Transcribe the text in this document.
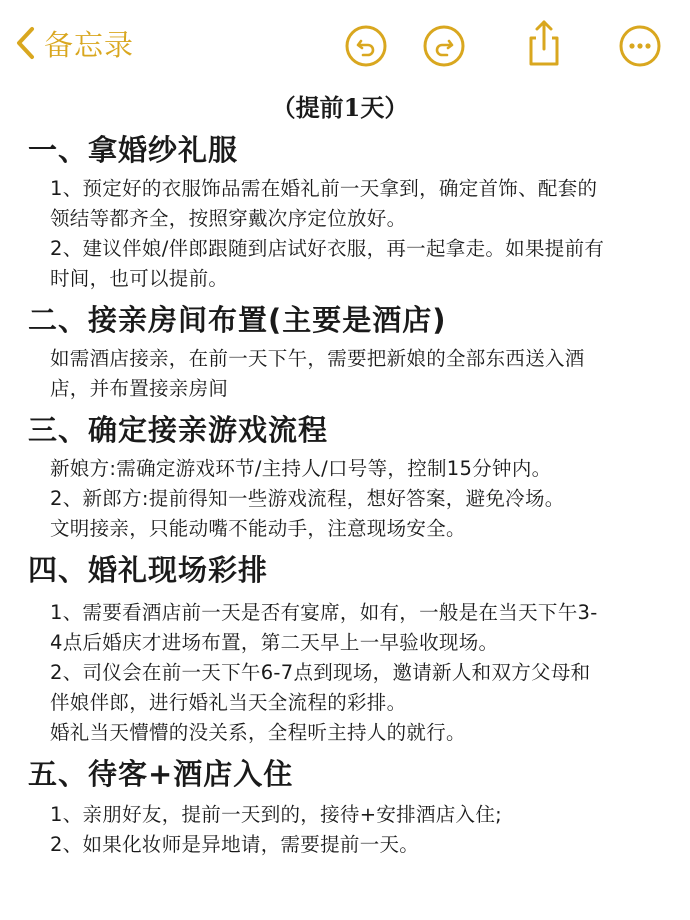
备忘录
（提前1天）
一、拿婚纱礼服
1、预定好的衣服饰品需在婚礼前一天拿到，确定首饰、配套的
领结等都齐全，按照穿戴次序定位放好。
2、建议伴娘/伴郎跟随到店试好衣服，再一起拿走。如果提前有
时间，也可以提前。
二、接亲房间布置(主要是酒店)
如需酒店接亲，在前一天下午，需要把新娘的全部东西送入酒
店，并布置接亲房间
三、确定接亲游戏流程
新娘方:需确定游戏环节/主持人/口号等，控制15分钟内。
2、新郎方:提前得知一些游戏流程，想好答案，避免冷场。
文明接亲，只能动嘴不能动手，注意现场安全。
四、婚礼现场彩排
1、需要看酒店前一天是否有宴席，如有，一般是在当天下午3-
4点后婚庆才进场布置，第二天早上一早验收现场。
2、司仪会在前一天下午6-7点到现场，邀请新人和双方父母和
伴娘伴郎，进行婚礼当天全流程的彩排。
婚礼当天懵懵的没关系，全程听主持人的就行。
五、待客+酒店入住
1、亲朋好友，提前一天到的，接待+安排酒店入住;
2、如果化妆师是异地请，需要提前一天。
